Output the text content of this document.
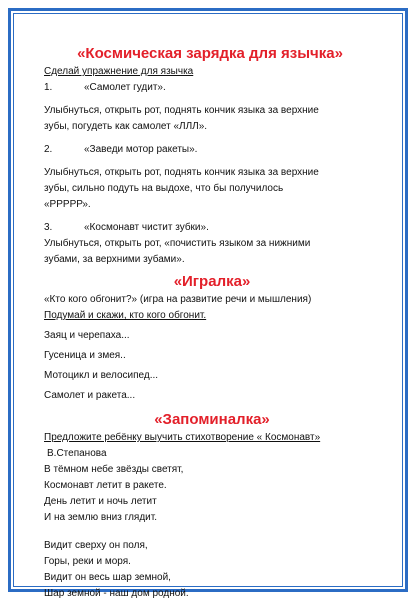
«Космическая зарядка для язычка»
Сделай упражнение для язычка
1.	«Самолет гудит».
Улыбнуться, открыть рот, поднять кончик языка за верхние
зубы, погудеть как самолет «ЛЛЛ».
2.	«Заведи мотор ракеты».
Улыбнуться, открыть рот, поднять кончик языка за верхние
зубы, сильно подуть на выдохе, что бы получилось
«РРРРР».
3.	«Космонавт чистит зубки».
Улыбнуться, открыть рот, «почистить языком за нижними
зубами, за верхними зубами».
«Игралка»
«Кто кого обгонит?» (игра на развитие речи и мышления)
Подумай и скажи, кто кого обгонит.
Заяц и черепаха...
Гусеница и змея..
Мотоцикл и велосипед...
Самолет и ракета...
«Запоминалка»
Предложите ребёнку выучить стихотворение « Космонавт»
В.Степанова
В тёмном небе звёзды светят,
Космонавт летит в ракете.
День летит и ночь летит
И на землю вниз глядит.
Видит сверху он поля,
Горы, реки и моря.
Видит он весь шар земной,
Шар земной - наш дом родной.
